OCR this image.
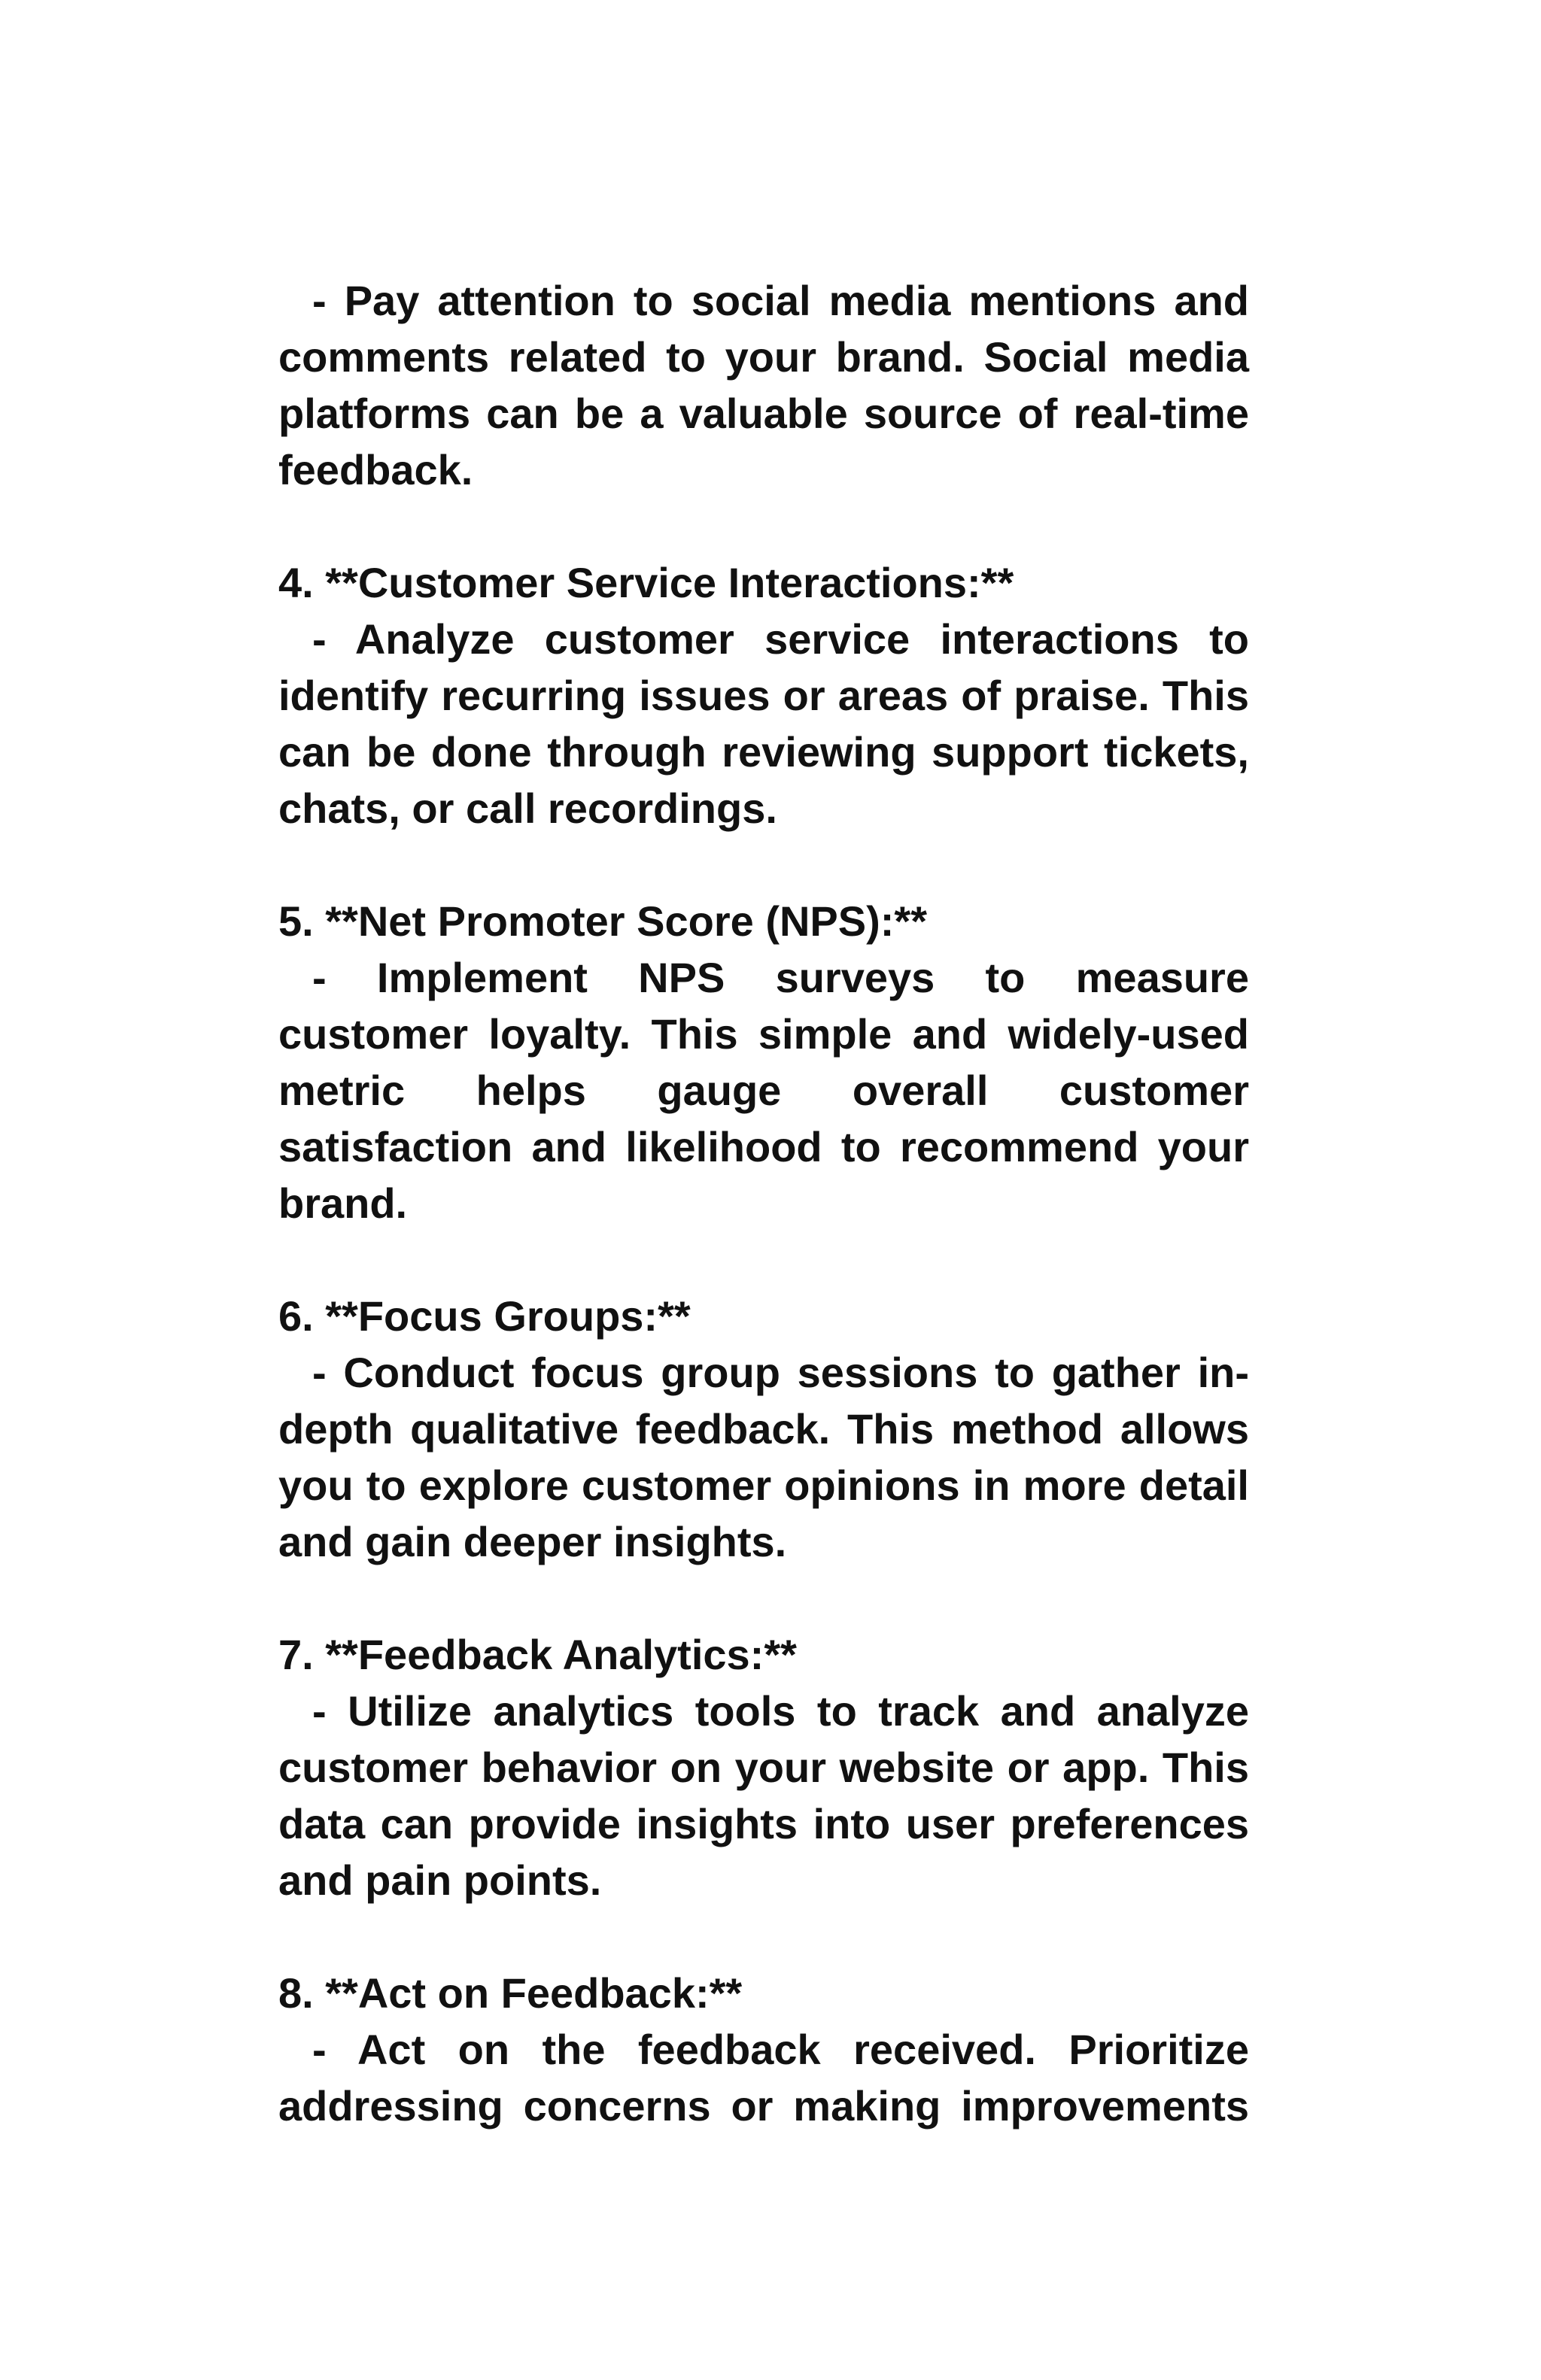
- Pay attention to social media mentions and comments related to your brand. Social media platforms can be a valuable source of real-time feedback.

4. **Customer Service Interactions:**

- Analyze customer service interactions to identify recurring issues or areas of praise. This can be done through reviewing support tickets, chats, or call recordings.

5. **Net Promoter Score (NPS):**

- Implement NPS surveys to measure customer loyalty. This simple and widely-used metric helps gauge overall customer satisfaction and likelihood to recommend your brand.

6. **Focus Groups:**

- Conduct focus group sessions to gather in-depth qualitative feedback. This method allows you to explore customer opinions in more detail and gain deeper insights.

7. **Feedback Analytics:**

- Utilize analytics tools to track and analyze customer behavior on your website or app. This data can provide insights into user preferences and pain points.

8. **Act on Feedback:**

- Act on the feedback received. Prioritize addressing concerns or making improvements
